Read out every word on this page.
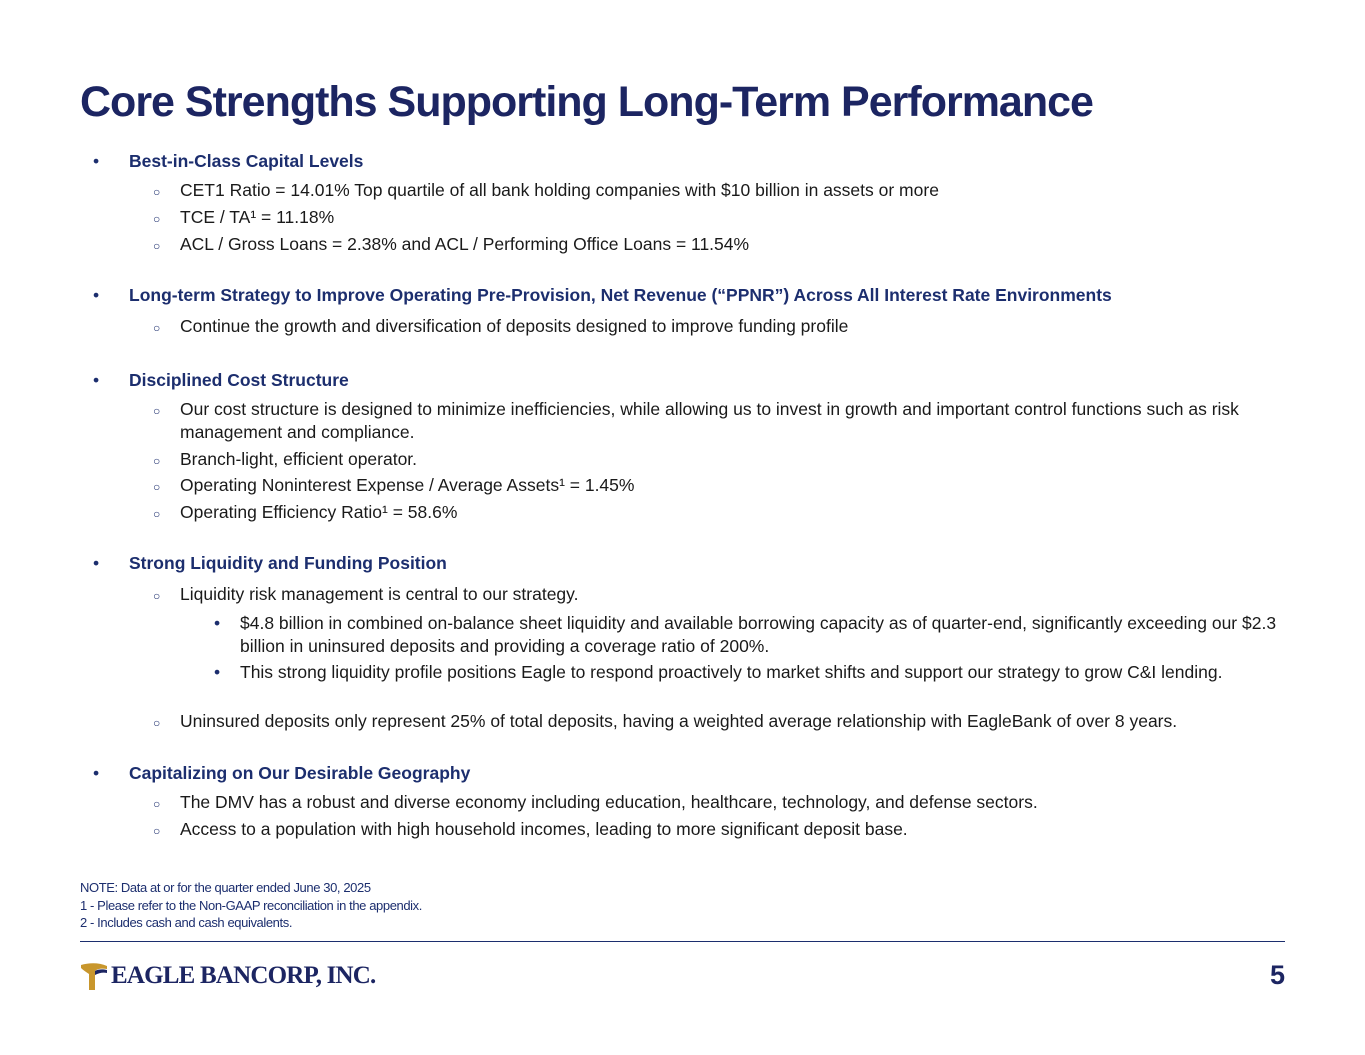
Core Strengths Supporting Long-Term Performance
• Best-in-Class Capital Levels
○ CET1 Ratio = 14.01% Top quartile of all bank holding companies with $10 billion in assets or more
○ TCE / TA¹ = 11.18%
○ ACL / Gross Loans = 2.38% and ACL / Performing Office Loans = 11.54%
• Long-term Strategy to Improve Operating Pre-Provision, Net Revenue (“PPNR”) Across All Interest Rate Environments
○ Continue the growth and diversification of deposits designed to improve funding profile
• Disciplined Cost Structure
○ Our cost structure is designed to minimize inefficiencies, while allowing us to invest in growth and important control functions such as risk management and compliance.
○ Branch-light, efficient operator.
○ Operating Noninterest Expense / Average Assets¹ = 1.45%
○ Operating Efficiency Ratio¹ = 58.6%
• Strong Liquidity and Funding Position
○ Liquidity risk management is central to our strategy.
• $4.8 billion in combined on-balance sheet liquidity and available borrowing capacity as of quarter-end, significantly exceeding our $2.3 billion in uninsured deposits and providing a coverage ratio of 200%.
• This strong liquidity profile positions Eagle to respond proactively to market shifts and support our strategy to grow C&I lending.
○ Uninsured deposits only represent 25% of total deposits, having a weighted average relationship with EagleBank of over 8 years.
• Capitalizing on Our Desirable Geography
○ The DMV has a robust and diverse economy including education, healthcare, technology, and defense sectors.
○ Access to a population with high household incomes, leading to more significant deposit base.
NOTE: Data at or for the quarter ended June 30, 2025
1 - Please refer to the Non-GAAP reconciliation in the appendix.
2 - Includes cash and cash equivalents.
EAGLE BANCORP, INC.	5
